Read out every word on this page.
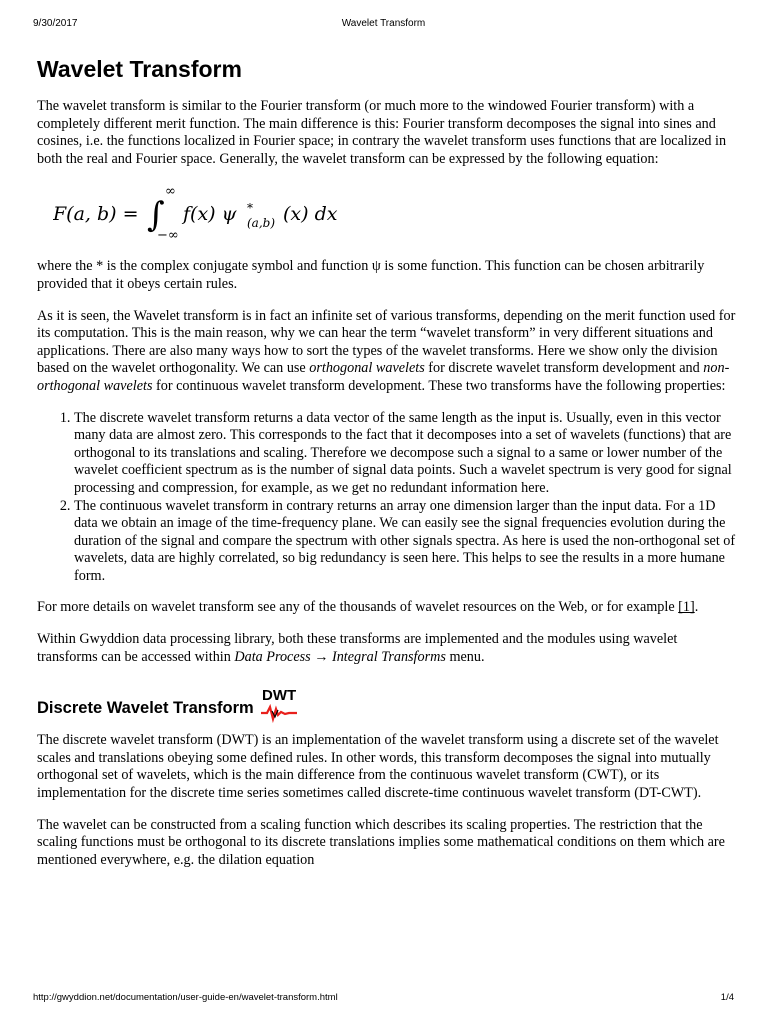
9/30/2017	Wavelet Transform
Wavelet Transform

The wavelet transform is similar to the Fourier transform (or much more to the windowed Fourier transform) with a completely different merit function. The main difference is this: Fourier transform decomposes the signal into sines and cosines, i.e. the functions localized in Fourier space; in contrary the wavelet transform uses functions that are localized in both the real and Fourier space. Generally, the wavelet transform can be expressed by the following equation:

F(a, b) = ∫
∞
−∞
f(x) ψ *
(a,b) (x) dx

where the * is the complex conjugate symbol and function ψ is some function. This function can be chosen arbitrarily provided that it obeys certain rules.

As it is seen, the Wavelet transform is in fact an infinite set of various transforms, depending on the merit function used for its computation. This is the main reason, why we can hear the term “wavelet transform” in very different situations and applications. There are also many ways how to sort the types of the wavelet transforms. Here we show only the division based on the wavelet orthogonality. We can use orthogonal wavelets for discrete wavelet transform development and non-orthogonal wavelets for continuous wavelet transform development. These two transforms have the following properties:

1. The discrete wavelet transform returns a data vector of the same length as the input is. Usually, even in this vector many data are almost zero. This corresponds to the fact that it decomposes into a set of wavelets (functions) that are orthogonal to its translations and scaling. Therefore we decompose such a signal to a same or lower number of the wavelet coefficient spectrum as is the number of signal data points. Such a wavelet spectrum is very good for signal processing and compression, for example, as we get no redundant information here.
2. The continuous wavelet transform in contrary returns an array one dimension larger than the input data. For a 1D data we obtain an image of the time-frequency plane. We can easily see the signal frequencies evolution during the duration of the signal and compare the spectrum with other signals spectra. As here is used the non-orthogonal set of wavelets, data are highly correlated, so big redundancy is seen here. This helps to see the results in a more humane form.

For more details on wavelet transform see any of the thousands of wavelet resources on the Web, or for example [1].

Within Gwyddion data processing library, both these transforms are implemented and the modules using wavelet transforms can be accessed within Data Process → Integral Transforms menu.

Discrete Wavelet Transform
DWT

The discrete wavelet transform (DWT) is an implementation of the wavelet transform using a discrete set of the wavelet scales and translations obeying some defined rules. In other words, this transform decomposes the signal into mutually orthogonal set of wavelets, which is the main difference from the continuous wavelet transform (CWT), or its implementation for the discrete time series sometimes called discrete-time continuous wavelet transform (DT-CWT).

The wavelet can be constructed from a scaling function which describes its scaling properties. The restriction that the scaling functions must be orthogonal to its discrete translations implies some mathematical conditions on them which are mentioned everywhere, e.g. the dilation equation

http://gwyddion.net/documentation/user-guide-en/wavelet-transform.html	1/4
